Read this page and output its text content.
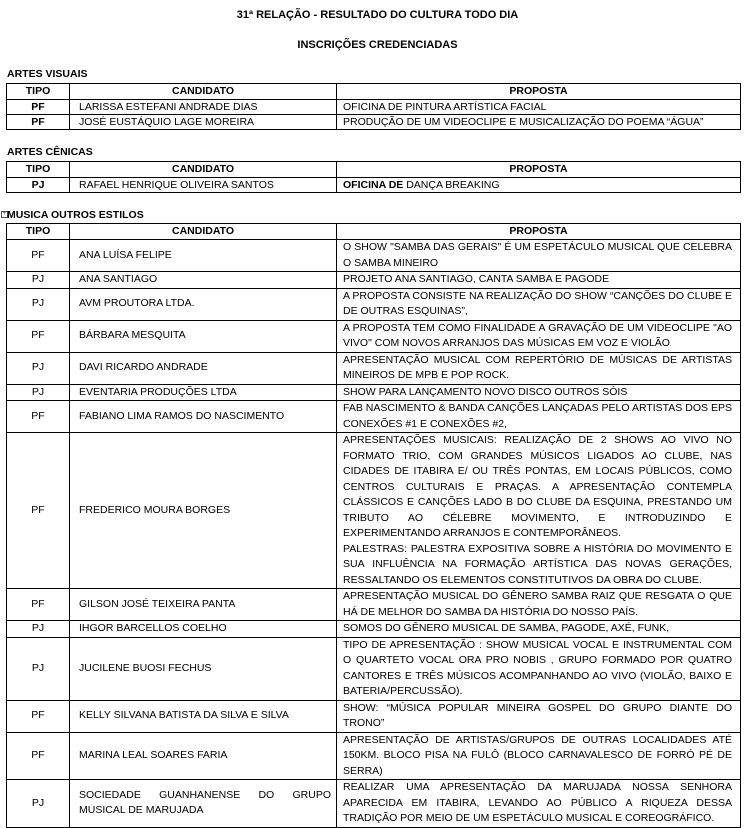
31ª RELAÇÃO - RESULTADO DO CULTURA TODO DIA
INSCRIÇÕES CREDENCIADAS
ARTES VISUAIS
TIPO	CANDIDATO	PROPOSTA
PF	LARISSA ESTEFANI ANDRADE DIAS	OFICINA DE PINTURA ARTÍSTICA FACIAL
PF	JOSÉ EUSTÁQUIO LAGE MOREIRA	PRODUÇÃO DE UM VIDEOCLIPE E MUSICALIZAÇÃO DO POEMA “ÁGUA”
ARTES CÊNICAS
TIPO	CANDIDATO	PROPOSTA
PJ	RAFAEL HENRIQUE OLIVEIRA SANTOS	OFICINA DE DANÇA BREAKING
+ MUSICA OUTROS ESTILOS
TIPO	CANDIDATO	PROPOSTA
PF	ANA LUÍSA FELIPE	O SHOW "SAMBA DAS GERAIS" É UM ESPETÁCULO MUSICAL QUE CELEBRA O SAMBA MINEIRO
PJ	ANA SANTIAGO	PROJETO ANA SANTIAGO, CANTA SAMBA E PAGODE
PJ	AVM PROUTORA LTDA.	A PROPOSTA CONSISTE NA REALIZAÇÃO DO SHOW “CANÇÕES DO CLUBE E DE OUTRAS ESQUINAS”,
PF	BÁRBARA MESQUITA	A PROPOSTA TEM COMO FINALIDADE A GRAVAÇÃO DE UM VIDEOCLIPE "AO VIVO" COM NOVOS ARRANJOS DAS MÚSICAS EM VOZ E VIOLÃO
PJ	DAVI RICARDO ANDRADE	APRESENTAÇÃO MUSICAL COM REPERTÓRIO DE MÚSICAS DE ARTISTAS MINEIROS DE MPB E POP ROCK.
PJ	EVENTARIA PRODUÇÕES LTDA	SHOW PARA LANÇAMENTO NOVO DISCO OUTROS SÓIS
PF	FABIANO LIMA RAMOS DO NASCIMENTO	FAB NASCIMENTO & BANDA CANÇÕES LANÇADAS PELO ARTISTAS DOS EPS CONEXÕES #1 E CONEXÕES #2,
PF	FREDERICO MOURA BORGES	APRESENTAÇÕES MUSICAIS: REALIZAÇÃO DE 2 SHOWS AO VIVO NO FORMATO TRIO, COM GRANDES MÚSICOS LIGADOS AO CLUBE, NAS CIDADES DE ITABIRA E/ OU TRÊS PONTAS, EM LOCAIS PÚBLICOS, COMO CENTROS CULTURAIS E PRAÇAS. A APRESENTAÇÃO CONTEMPLA CLÁSSICOS E CANÇÕES LADO B DO CLUBE DA ESQUINA, PRESTANDO UM TRIBUTO AO CÉLEBRE MOVIMENTO, E INTRODUZINDO E EXPERIMENTANDO ARRANJOS E CONTEMPORÂNEOS.
PALESTRAS: PALESTRA EXPOSITIVA SOBRE A HISTÓRIA DO MOVIMENTO E SUA INFLUÊNCIA NA FORMAÇÃO ARTÍSTICA DAS NOVAS GERAÇÕES, RESSALTANDO OS ELEMENTOS CONSTITUTIVOS DA OBRA DO CLUBE.

PF	GILSON JOSÉ TEIXEIRA PANTA	APRESENTAÇÃO MUSICAL DO GÊNERO SAMBA RAIZ QUE RESGATA O QUE HÁ DE MELHOR DO SAMBA DA HISTÓRIA DO NOSSO PAÍS.
PJ	IHGOR BARCELLOS COELHO	SOMOS DO GÊNERO MUSICAL DE SAMBA, PAGODE, AXÉ, FUNK,
PJ	JUCILENE BUOSI FECHUS	TIPO DE APRESENTAÇÃO : SHOW MUSICAL VOCAL E INSTRUMENTAL COM O QUARTETO VOCAL ORA PRO NOBIS , GRUPO FORMADO POR QUATRO CANTORES E TRÊS MÚSICOS ACOMPANHANDO AO VIVO (VIOLÃO, BAIXO E BATERIA/PERCUSSÃO).
PF	KELLY SILVANA BATISTA DA SILVA E SILVA	SHOW: “MÚSICA POPULAR MINEIRA GOSPEL DO GRUPO DIANTE DO TRONO”
PF	MARINA LEAL SOARES FARIA	APRESENTAÇÃO DE ARTISTAS/GRUPOS DE OUTRAS LOCALIDADES ATÉ 150KM. BLOCO PISA NA FULÔ (BLOCO CARNAVALESCO DE FORRÓ PÉ DE SERRA)
PJ	SOCIEDADE GUANHANENSE DO GRUPO MUSICAL DE MARUJADA	REALIZAR UMA APRESENTAÇÃO DA MARUJADA NOSSA SENHORA APARECIDA EM ITABIRA, LEVANDO AO PÚBLICO A RIQUEZA DESSA TRADIÇÃO POR MEIO DE UM ESPETÁCULO MUSICAL E COREOGRÁFICO.
